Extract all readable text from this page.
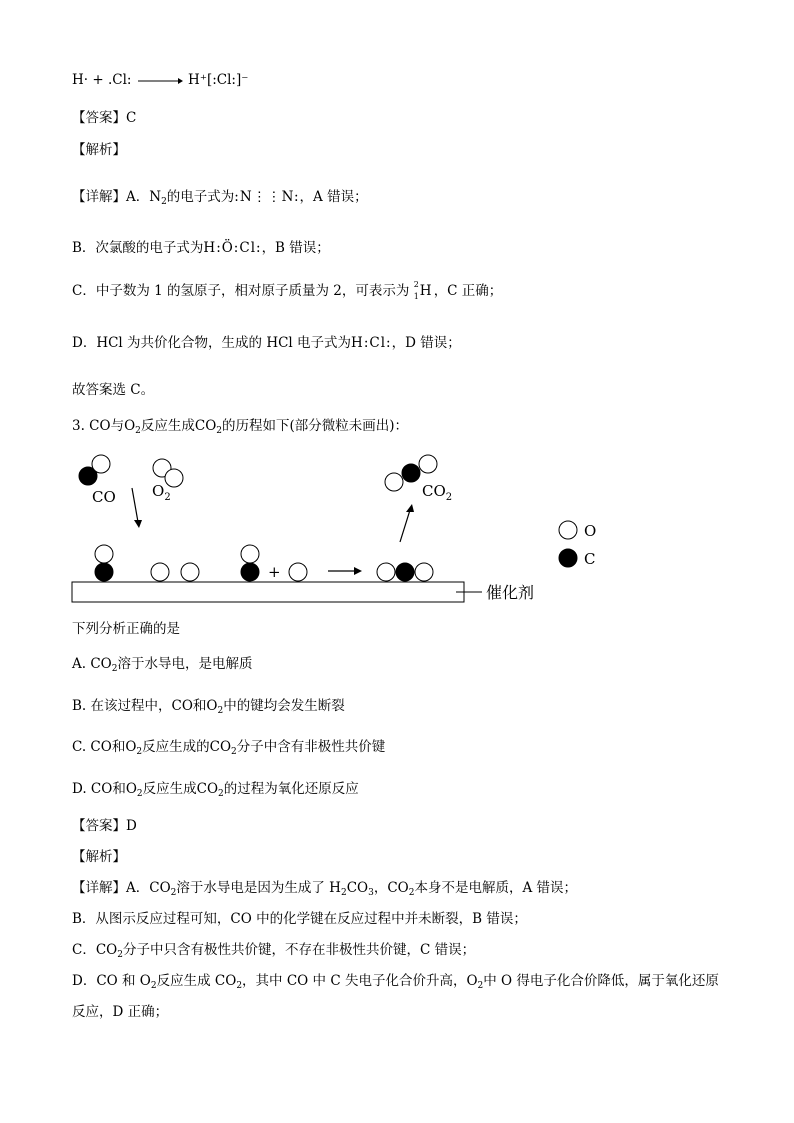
H· + .Cl:	H⁺[:Cl:]⁻
【答案】C
【解析】
【详解】A．$N_2$的电子式为:N⋮⋮N:，A 错误；
B．次氯酸的电子式为H:Ö:Cl:，B 错误；
C．中子数为 1 的氢原子，相对原子质量为 2，可表示为 2
1 H ，C 正确；
D．HCl 为共价化合物，生成的 HCl 电子式为H:Cl:，D 错误；
故答案选 C。
3. CO与$O_2$反应生成$CO_2$的历程如下(部分微粒未画出)：
CO $O_2$	$CO_2$
+
催化剂
O
C
下列分析正确的是
A. $CO_2$溶于水导电，是电解质
B. 在该过程中，CO和$O_2$中的键均会发生断裂
C. CO和$O_2$反应生成的$CO_2$分子中含有非极性共价键
D. CO和$O_2$反应生成$CO_2$的过程为氧化还原反应
【答案】D
【解析】
【详解】A．$CO_2$溶于水导电是因为生成了 $H_2CO_3$，$CO_2$本身不是电解质，A 错误；
B．从图示反应过程可知，CO 中的化学键在反应过程中并未断裂，B 错误；
C．$CO_2$分子中只含有极性共价键，不存在非极性共价键，C 错误；
D．CO 和 $O_2$反应生成 $CO_2$，其中 CO 中 C 失电子化合价升高，$O_2$中 O 得电子化合价降低，属于氧化还原
反应，D 正确；
